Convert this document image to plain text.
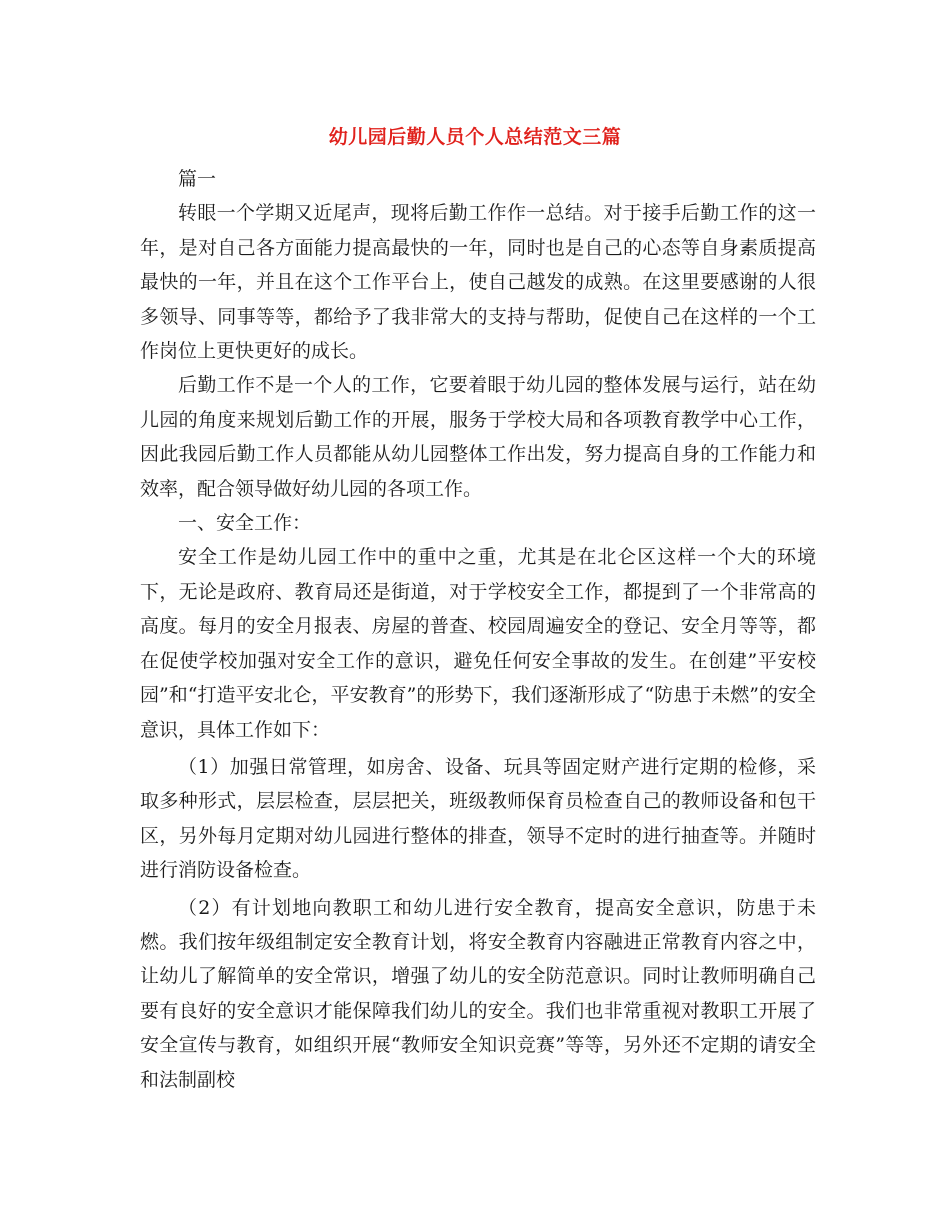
幼儿园后勤人员个人总结范文三篇

篇一

转眼一个学期又近尾声，现将后勤工作作一总结。对于接手后勤工作的这一年，是对自己各方面能力提高最快的一年，同时也是自己的心态等自身素质提高最快的一年，并且在这个工作平台上，使自己越发的成熟。在这里要感谢的人很多领导、同事等等，都给予了我非常大的支持与帮助，促使自己在这样的一个工作岗位上更快更好的成长。

后勤工作不是一个人的工作，它要着眼于幼儿园的整体发展与运行，站在幼儿园的角度来规划后勤工作的开展，服务于学校大局和各项教育教学中心工作，因此我园后勤工作人员都能从幼儿园整体工作出发，努力提高自身的工作能力和效率，配合领导做好幼儿园的各项工作。

一、安全工作：

安全工作是幼儿园工作中的重中之重，尤其是在北仑区这样一个大的环境下，无论是政府、教育局还是街道，对于学校安全工作，都提到了一个非常高的高度。每月的安全月报表、房屋的普查、校园周遍安全的登记、安全月等等，都在促使学校加强对安全工作的意识，避免任何安全事故的发生。在创建”平安校园”和“打造平安北仑，平安教育”的形势下，我们逐渐形成了“防患于未燃”的安全意识，具体工作如下：

（1）加强日常管理，如房舍、设备、玩具等固定财产进行定期的检修，采取多种形式，层层检查，层层把关，班级教师保育员检查自己的教师设备和包干区，另外每月定期对幼儿园进行整体的排查，领导不定时的进行抽查等。并随时进行消防设备检查。

（2）有计划地向教职工和幼儿进行安全教育，提高安全意识，防患于未燃。我们按年级组制定安全教育计划，将安全教育内容融进正常教育内容之中，让幼儿了解简单的安全常识，增强了幼儿的安全防范意识。同时让教师明确自己要有良好的安全意识才能保障我们幼儿的安全。我们也非常重视对教职工开展了安全宣传与教育，如组织开展“教师安全知识竞赛”等等，另外还不定期的请安全和法制副校
